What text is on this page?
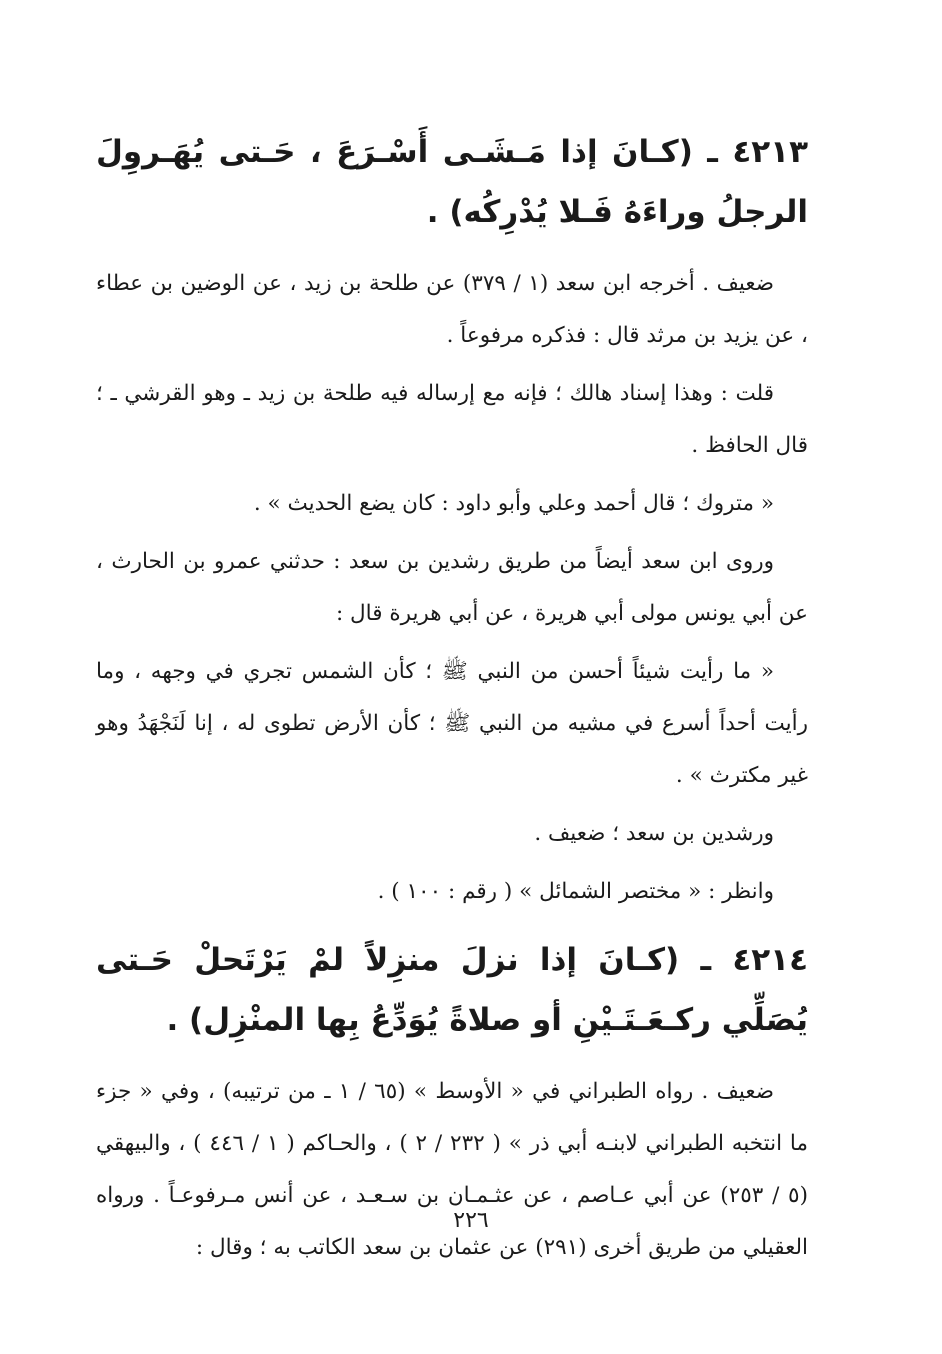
٤٢١٣ ـ (كـانَ إذا مَـشَـى أَسْـرَعَ ، حَـتى يُهَـروِلَ الرجلُ وراءَهُ فَـلا يُدْرِكُه) .
ضعيف . أخرجه ابن سعد (١ / ٣٧٩) عن طلحة بن زيد ، عن الوضين بن عطاء ، عن يزيد بن مرثد قال : فذكره مرفوعاً .
قلت : وهذا إسناد هالك ؛ فإنه مع إرساله فيه طلحة بن زيد ـ وهو القرشي ـ ؛ قال الحافظ .
« متروك ؛ قال أحمد وعلي وأبو داود : كان يضع الحديث » .
وروى ابن سعد أيضاً من طريق رشدين بن سعد : حدثني عمرو بن الحارث ، عن أبي يونس مولى أبي هريرة ، عن أبي هريرة قال :
« ما رأيت شيئاً أحسن من النبي ﷺ ؛ كأن الشمس تجري في وجهه ، وما رأيت أحداً أسرع في مشيه من النبي ﷺ ؛ كأن الأرض تطوى له ، إنا لَنَجْهَدُ وهو غير مكترث » .
ورشدين بن سعد ؛ ضعيف .
وانظر : « مختصر الشمائل » ( رقم : ١٠٠ ) .
٤٢١٤ ـ (كـانَ إذا نزلَ منزِلاً لمْ يَرْتَحلْ حَـتى يُصَلِّي ركـعَـتَـيْنِ أو صلاةً يُوَدِّعُ بِها المنْزِل) .
ضعيف . رواه الطبراني في « الأوسط » (٦٥ / ١ ـ من ترتيبه) ، وفي « جزء ما انتخبه الطبراني لابنـه أبي ذر » ( ٢٣٢ / ٢ ) ، والحـاكم ( ١ / ٤٤٦ ) ، والبيهقي (٥ / ٢٥٣) عن أبي عـاصم ، عن عثـمـان بن سـعـد ، عن أنس مـرفوعـاً . ورواه العقيلي من طريق أخرى (٢٩١) عن عثمان بن سعد الكاتب به ؛ وقال :
٢٢٦
